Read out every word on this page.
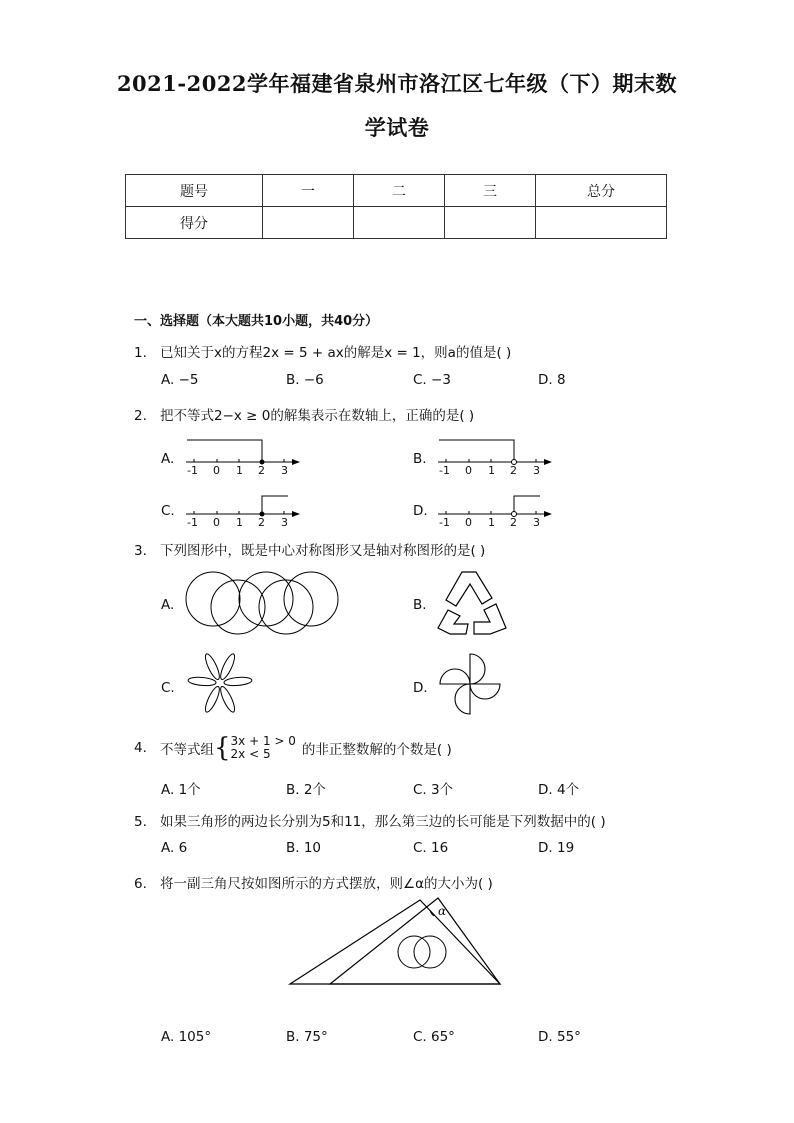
2021-2022学年福建省泉州市洛江区七年级（下）期末数
学试卷
题号	一	二	三	总分
得分				
一、选择题（本大题共10小题，共40分）
1. 已知关于x的方程2x = 5 + ax的解是x = 1，则a的值是( )
A. −5	B. −6	C. −3	D. 8
2. 把不等式2−x ≥ 0的解集表示在数轴上，正确的是( )
A.	B.
C.	D.
-1 0 1 2 3	-1 0 1 2 3
-1 0 1 2 3	-1 0 1 2 3
3. 下列图形中，既是中心对称图形又是轴对称图形的是( )
A.	B.
C.	D.
4. 不等式组{ 3x + 1 > 0
2x < 5	的非正整数解的个数是( )
A. 1个	B. 2个	C. 3个	D. 4个
5. 如果三角形的两边长分别为5和11，那么第三边的长可能是下列数据中的( )
A. 6	B. 10	C. 16	D. 19
6. 将一副三角尺按如图所示的方式摆放，则∠α的大小为( )
α
A. 105°	B. 75°	C. 65°	D. 55°
